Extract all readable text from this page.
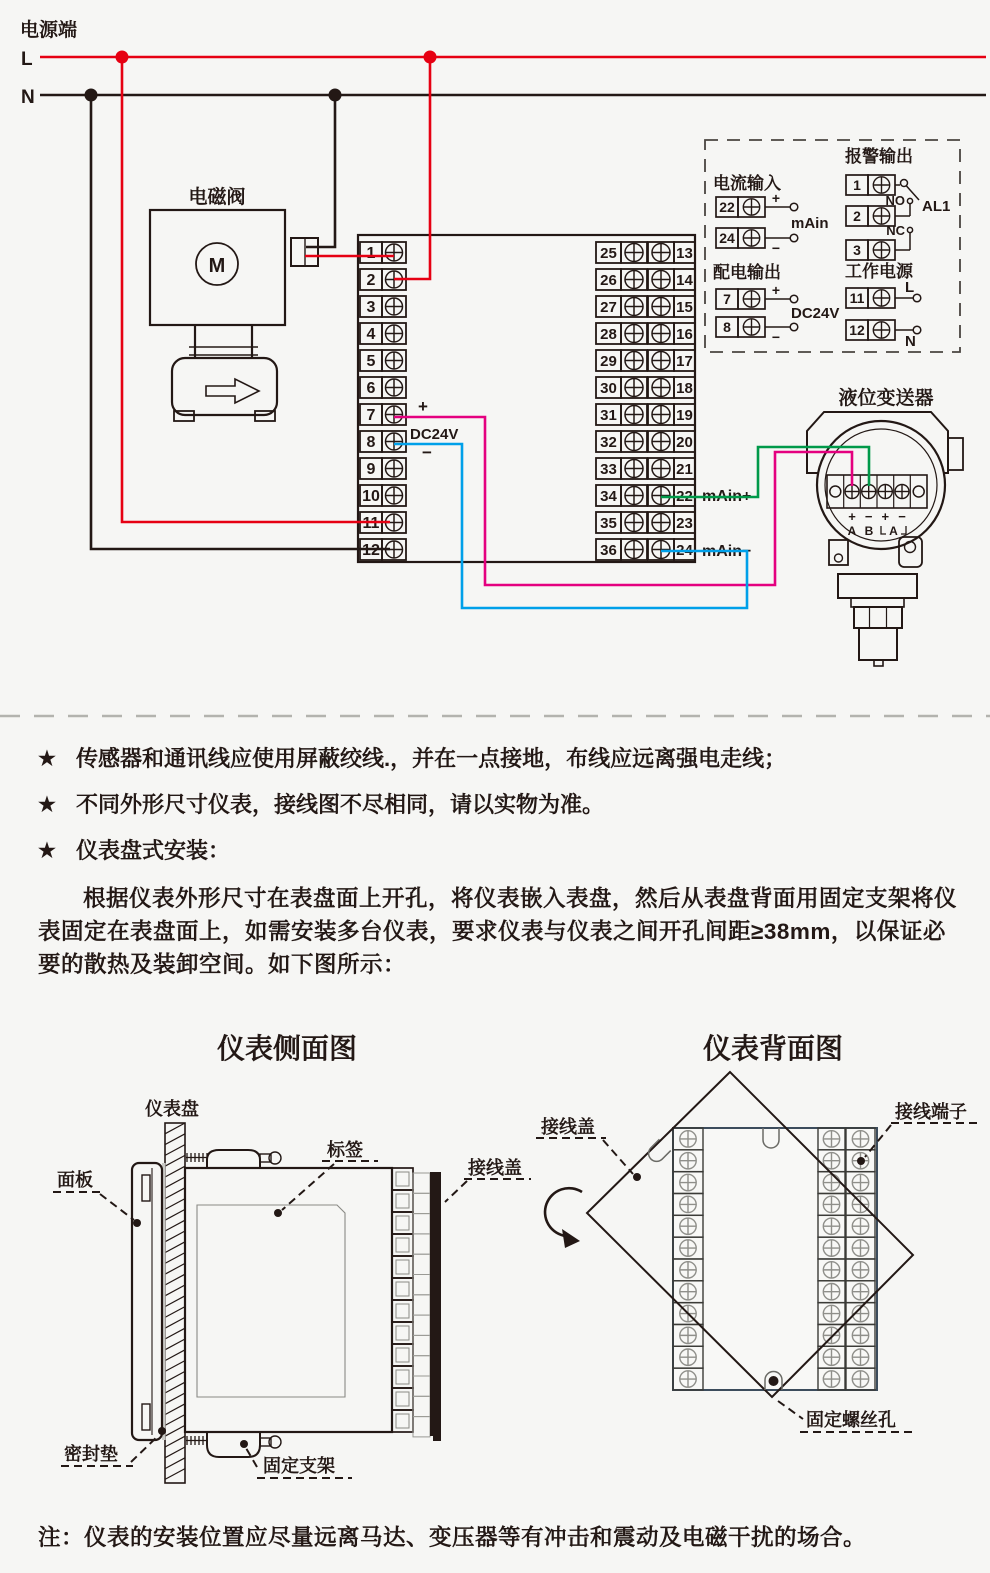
电源端
L
N
电磁阀
M
1
2
3
4
5
6
7
8
9
10
11
12
25
26
27
28
29
30
31
32
33
34
35
36
13
14
15
16
17
18
19
20
21
22
23
24
+
DC24V
−
mAin+
mAin−
电流输入
22
24
+
−
mAin
报警输出
1
2
3
NO
NC
AL1
配电输出
7
8
+
−
DC24V
工作电源
11
12
L
N
液位变送器
+ − + −
A B A
★ 传感器和通讯线应使用屏蔽绞线.，并在一点接地，布线应远离强电走线；
★ 不同外形尺寸仪表，接线图不尽相同，请以实物为准。
★ 仪表盘式安装：

根据仪表外形尺寸在表盘面上开孔，将仪表嵌入表盘，然后从表盘背面用固定支架将仪表固定在表盘面上，如需安装多台仪表，要求仪表与仪表之间开孔间距≥38mm，以保证必要的散热及装卸空间。如下图所示：

仪表侧面图	仪表背面图
仪表盘
面板
标签
接线盖
密封垫
固定支架
接线盖
接线端子
固定螺丝孔
注：仪表的安装位置应尽量远离马达、变压器等有冲击和震动及电磁干扰的场合。
